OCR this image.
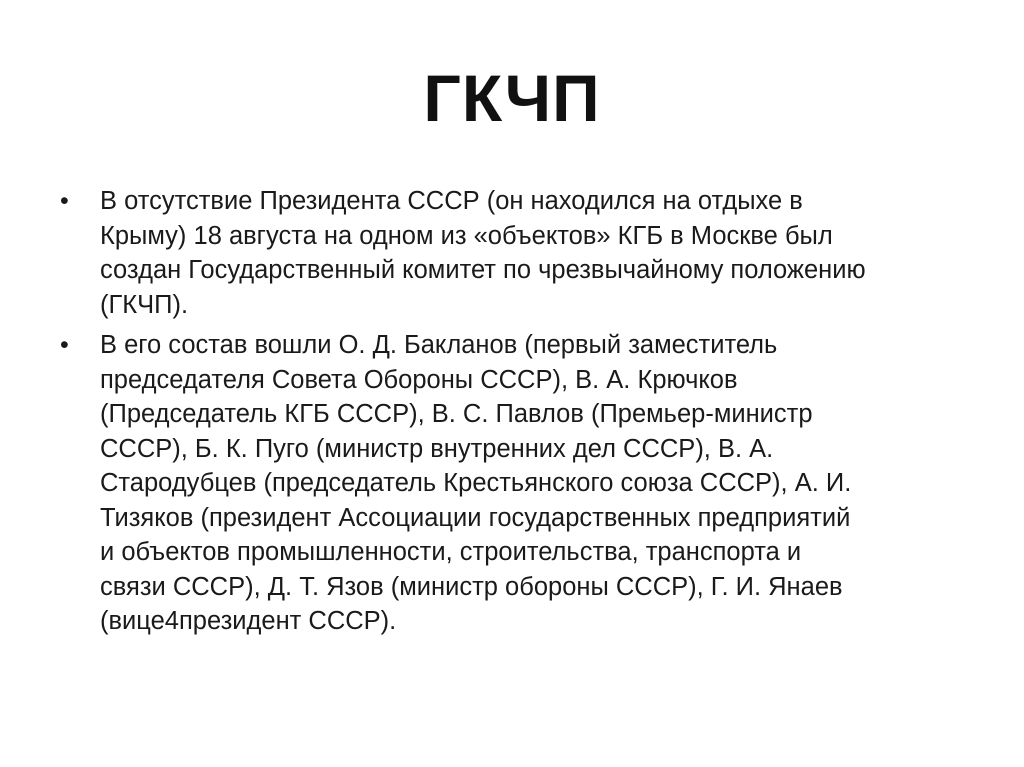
ГКЧП
•	В отсутствие Президента СССР (он находился на отдыхе в
Крыму) 18 августа на одном из «объектов» КГБ в Москве был
создан Государственный комитет по чрезвычайному положению
(ГКЧП).
•	В его состав вошли О. Д. Бакланов (первый заместитель
председателя Совета Обороны СССР), В. А. Крючков
(Председатель КГБ СССР), В. С. Павлов (Премьер-министр
СССР), Б. К. Пуго (министр внутренних дел СССР), В. А.
Стародубцев (председатель Крестьянского союза СССР), А. И.
Тизяков (президент Ассоциации государственных предприятий
и объектов промышленности, строительства, транспорта и
связи СССР), Д. Т. Язов (министр обороны СССР), Г. И. Янаев
(вице4президент СССР).
